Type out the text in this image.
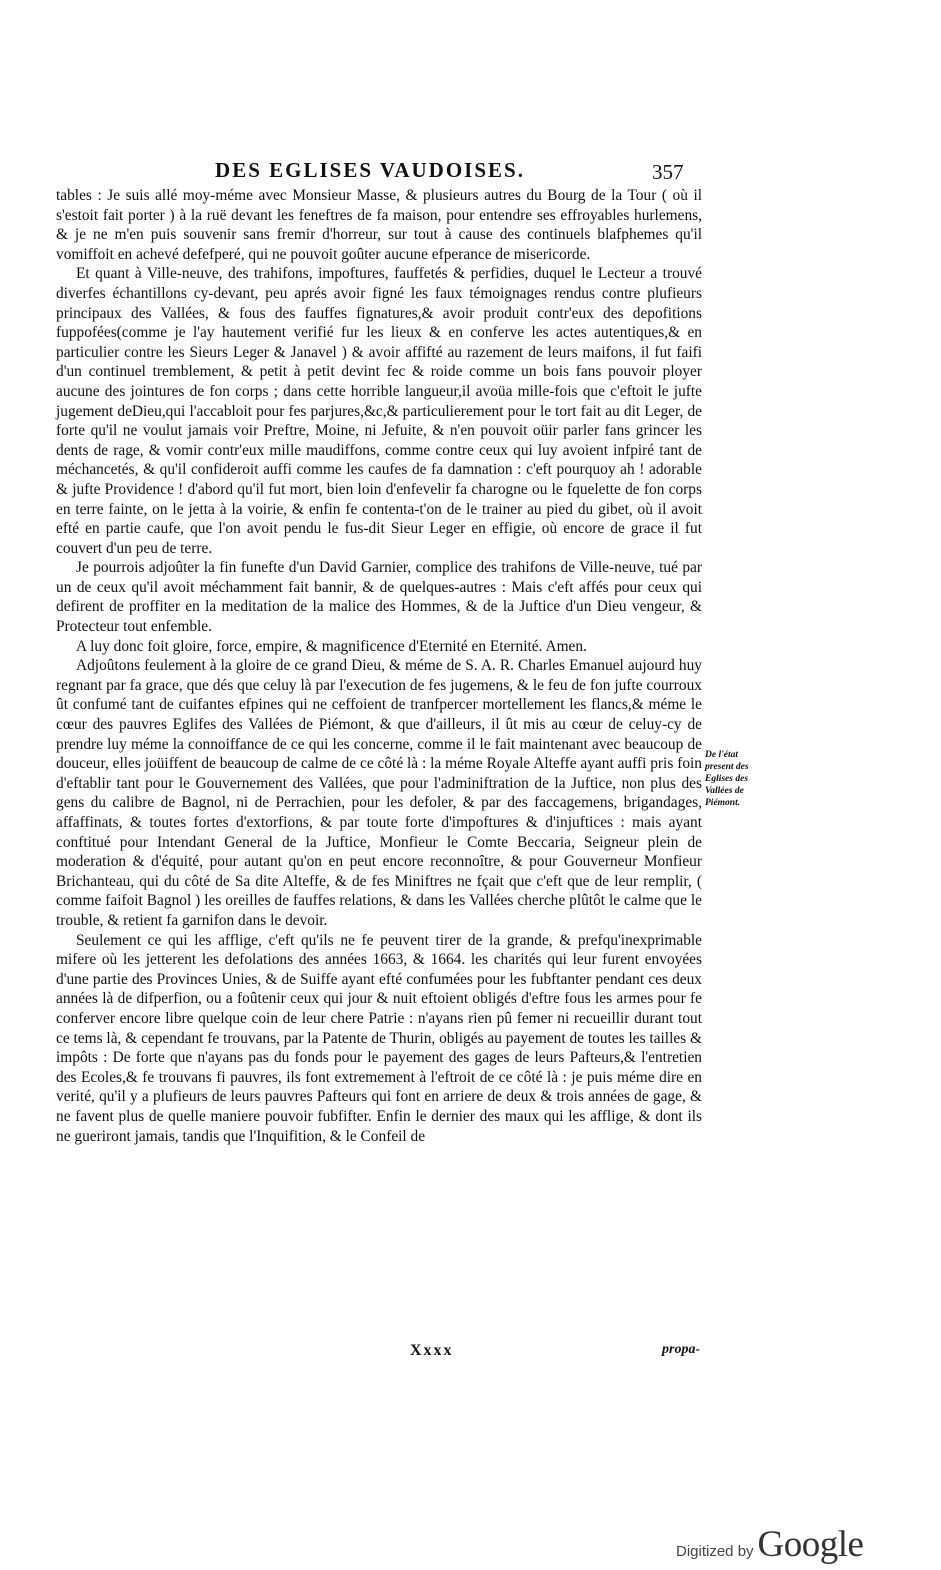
DES EGLISES VAUDOISES.	357

tables : Je suis allé moy-méme avec Monsieur Masse, & plusieurs autres du Bourg de la Tour ( où il s'estoit fait porter ) à la ruë devant les feneftres de fa maison, pour entendre ses effroyables hurlemens, & je ne m'en puis souvenir sans fremir d'horreur, sur tout à cause des continuels blafphemes qu'il vomiffoit en achevé defefperé, qui ne pouvoit goûter aucune efperance de misericorde.

Et quant à Ville-neuve, des trahifons, impoftures, fauffetés & perfidies, duquel le Lecteur a trouvé diverfes échantillons cy-devant, peu aprés avoir figné les faux témoignages rendus contre plufieurs principaux des Vallées, & fous des fauffes fignatures,& avoir produit contr'eux des depofitions fuppofées(comme je l'ay hautement verifié fur les lieux & en conferve les actes autentiques,& en particulier contre les Sieurs Leger & Janavel ) & avoir affifté au razement de leurs maifons, il fut faifi d'un continuel tremblement, & petit à petit devint fec & roide comme un bois fans pouvoir ployer aucune des jointures de fon corps ; dans cette horrible langueur,il avoüa mille-fois que c'eftoit le jufte jugement deDieu,qui l'accabloit pour fes parjures,&c,& particulierement pour le tort fait au dit Leger, de forte qu'il ne voulut jamais voir Preftre, Moine, ni Jefuite, & n'en pouvoit oüir parler fans grincer les dents de rage, & vomir contr'eux mille maudiffons, comme contre ceux qui luy avoient infpiré tant de méchancetés, & qu'il confideroit auffi comme les caufes de fa damnation : c'eft pourquoy ah ! adorable & jufte Providence ! d'abord qu'il fut mort, bien loin d'enfevelir fa charogne ou le fquelette de fon corps en terre fainte, on le jetta à la voirie, & enfin fe contenta-t'on de le trainer au pied du gibet, où il avoit efté en partie caufe, que l'on avoit pendu le fus-dit Sieur Leger en effigie, où encore de grace il fut couvert d'un peu de terre.

Je pourrois adjoûter la fin funefte d'un David Garnier, complice des trahifons de Ville-neuve, tué par un de ceux qu'il avoit méchamment fait bannir, & de quelques-autres : Mais c'eft affés pour ceux qui defirent de proffiter en la meditation de la malice des Hommes, & de la Juftice d'un Dieu vengeur, & Protecteur tout enfemble.

A luy donc foit gloire, force, empire, & magnificence d'Eternité en Eternité. Amen.

Adjoûtons feulement à la gloire de ce grand Dieu, & méme de S. A. R. Charles Emanuel aujourd huy regnant par fa grace, que dés que celuy là par l'execution de fes jugemens, & le feu de fon jufte courroux ût confumé tant de cuifantes efpines qui ne ceffoient de tranfpercer mortellement les flancs,& méme le cœur des pauvres Eglifes des Vallées de Piémont, & que d'ailleurs, il ût mis au cœur de celuy-cy de prendre luy méme la connoiffance de ce qui les concerne, comme il le fait maintenant avec beaucoup de douceur, elles joüiffent de beaucoup de calme de ce côté là : la méme Royale Alteffe ayant auffi pris foin d'eftablir tant pour le Gouvernement des Vallées, que pour l'adminiftration de la Juftice, non plus des gens du calibre de Bagnol, ni de Perrachien, pour les defoler, & par des faccagemens, brigandages, affaffinats, & toutes fortes d'extorfions, & par toute forte d'impoftures & d'injuftices : mais ayant conftitué pour Intendant General de la Juftice, Monfieur le Comte Beccaria, Seigneur plein de moderation & d'équité, pour autant qu'on en peut encore reconnoître, & pour Gouverneur Monfieur Brichanteau, qui du côté de Sa dite Alteffe, & de fes Miniftres ne fçait que c'eft que de leur remplir, ( comme faifoit Bagnol ) les oreilles de fauffes relations, & dans les Vallées cherche plûtôt le calme que le trouble, & retient fa garnifon dans le devoir.

Seulement ce qui les afflige, c'eft qu'ils ne fe peuvent tirer de la grande, & prefqu'inexprimable mifere où les jetterent les defolations des années 1663, & 1664. les charités qui leur furent envoyées d'une partie des Provinces Unies, & de Suiffe ayant efté confumées pour les fubftanter pendant ces deux années là de difperfion, ou a foûtenir ceux qui jour & nuit eftoient obligés d'eftre fous les armes pour fe conferver encore libre quelque coin de leur chere Patrie : n'ayans rien pû femer ni recueillir durant tout ce tems là, & cependant fe trouvans, par la Patente de Thurin, obligés au payement de toutes les tailles & impôts : De forte que n'ayans pas du fonds pour le payement des gages de leurs Pafteurs,& l'entretien des Ecoles,& fe trouvans fi pauvres, ils font extremement à l'eftroit de ce côté là : je puis méme dire en verité, qu'il y a plufieurs de leurs pauvres Pafteurs qui font en arriere de deux & trois années de gage, & ne favent plus de quelle maniere pouvoir fubfifter. Enfin le dernier des maux qui les afflige, & dont ils ne gueriront jamais, tandis que l'Inquifition, & le Confeil de

De l'état present des Eglises des Vallées de Piémont.
Xxxx	propa-
Digitized by Google
